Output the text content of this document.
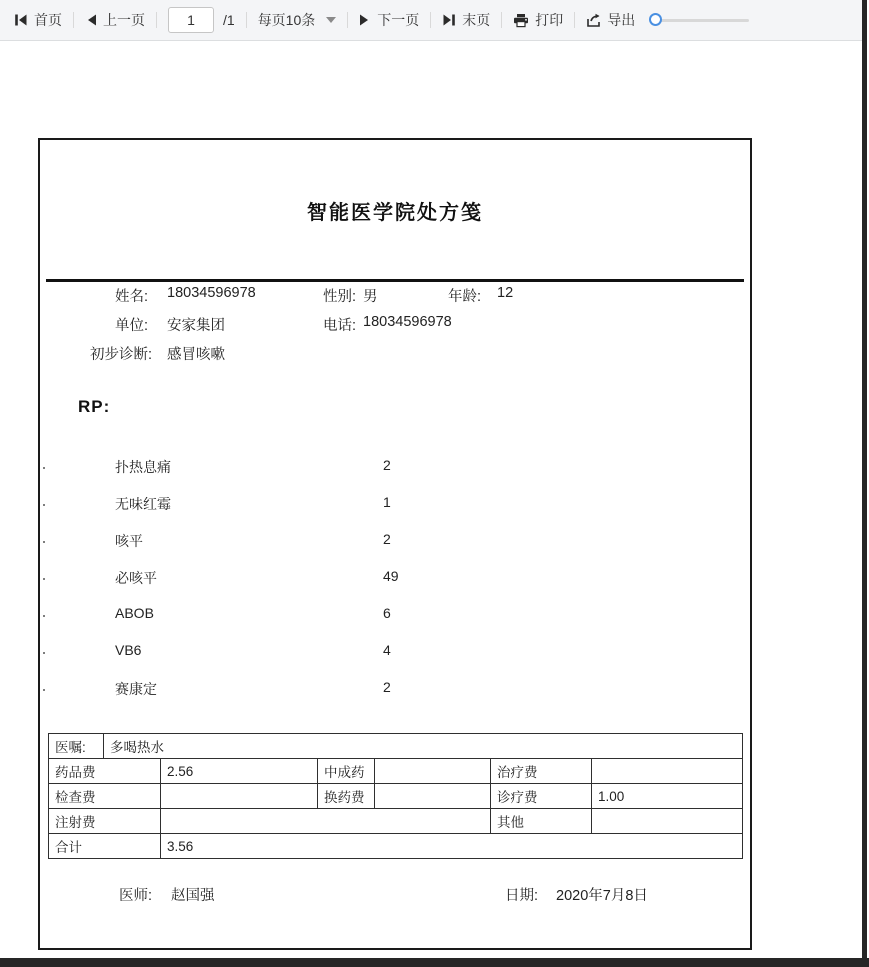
首页	上一页
1	/1 每页10条	下一页	末页	打印	导出
智能医学院处方笺
姓名: 18034596978	性别: 男	年龄: 12
单位: 安家集团	电话: 18034596978
初步诊断: 感冒咳嗽
RP:
扑热息痛	2
无味红霉	1
咳平	2
必咳平	49
ABOB	6
VB6	4
赛康定	2
医嘱:	多喝热水
药品费	2.56	中成药		治疗费	
检查费		换药费		诊疗费	1.00
注射费				其他	
合计	3.56				
医师: 赵国强	日期: 2020年7月8日
